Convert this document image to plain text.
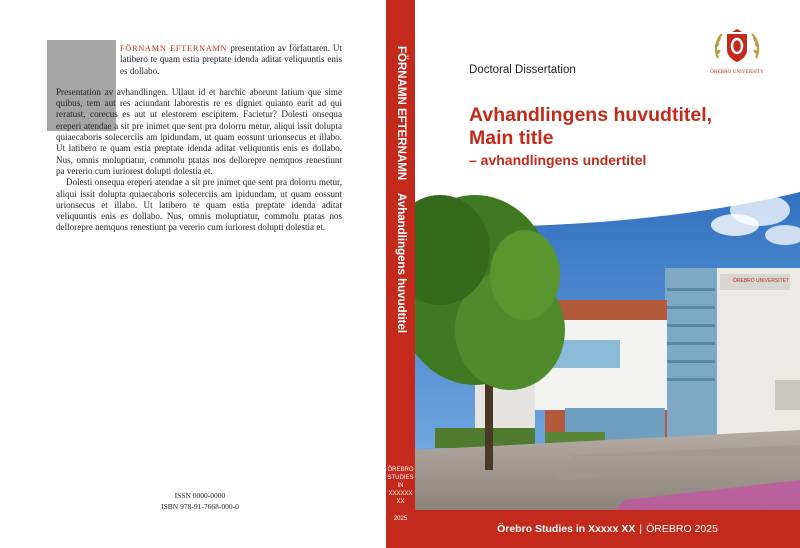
FÖRNAMN EFTERNAMN presentation av författaren. Ut latibero te quam estia preptate idenda aditat veliquuntis enis es dollabo.

Presentation av avhandlingen. Ullaut id et harchic aborunt latium que sime quibus, tem aut res aciundant laborestis re es digniet quianto earit ad qui reratust, corecus es aut ut elestorem escipitem. Facietur? Dolesti onsequa ereperi atendae a sit pre inimet que sent pra dolorru metur, aliqui issit dolupta quiaecaboris solecerciis am ipidundam, ut quam eossunt urionsecus et illabo. Ut latibero te quam estia preptate idenda aditat veliquuntis enis es dollabo. Nus, omnis moluptiatur, commolu ptatas nos dellorepre nemquos renestiunt pa vererio cum iuriorest dolupti dolestia et.

Dolesti onsequa ereperi atendae a sit pre inimet que sent pra dolorru metur, aliqui issit dolupta quiaecaboris solecerciis am ipidundam, ut quam eossunt urionsecus et illabo. Ut latibero te quam estia preptate idenda aditat veliquuntis enis es dollabo. Nus, omnis moluptiatur, commolu ptatas nos dellorepre nemquos renestiunt pa vererio cum iuriorest dolupti dolestia et.

ISSN 0000-0000
ISBN 978-91-7668-000-0
FÖRNAMN EFTERNAMN    Avhandlingens huvudtitel
ÖREBRO
STUDIES IN
XXXXXX
XX
2025
ÖREBRO UNIVERSITY
Doctoral Dissertation
Avhandlingens huvudtitel,
Main title
– avhandlingens undertitel
ÖREBRO UNIVERSITET
Örebro Studies in Xxxxx XX | ÖREBRO 2025
